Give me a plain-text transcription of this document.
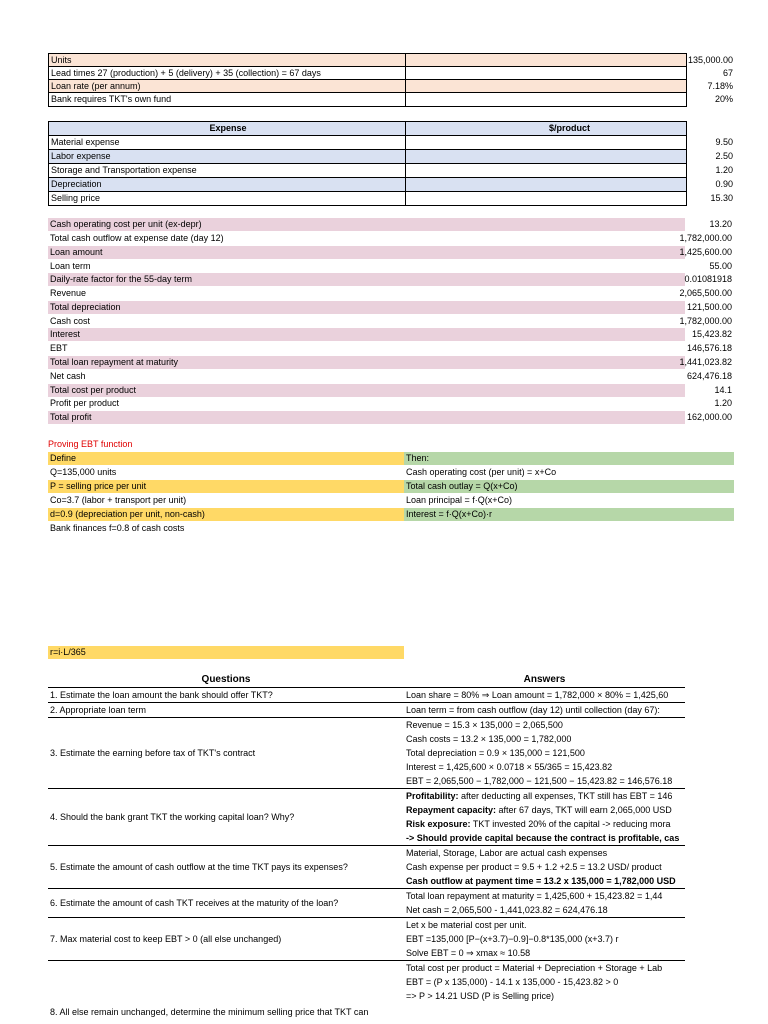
Units	135,000.00
Lead times 27 (production) + 5 (delivery) + 35 (collection) = 67 days	67
Loan rate (per annum)	7.18%
Bank requires TKT's own fund	20%
Expense	$/product
Material expense	9.50
Labor expense	2.50
Storage and Transportation expense	1.20
Depreciation	0.90
Selling price	15.30
Cash operating cost per unit (ex-depr)	13.20
Total cash outflow at expense date (day 12)	1,782,000.00
Loan amount	1,425,600.00
Loan term	55.00
Daily-rate factor for the 55-day term	0.01081918
Revenue	2,065,500.00
Total depreciation	121,500.00
Cash cost	1,782,000.00
Interest	15,423.82
EBT	146,576.18
Total loan repayment at maturity	1,441,023.82
Net cash	624,476.18
Total cost per product	14.1
Profit per product	1.20
Total profit	162,000.00
Proving EBT function
Define	Then:
Q=135,000 units	Cash operating cost (per unit) = x+Co
P = selling price per unit	Total cash outlay = Q(x+Co)
Co=3.7 (labor + transport per unit)	Loan principal = f·Q(x+Co)
d=0.9 (depreciation per unit, non-cash)	Interest = f·Q(x+Co)·r
Bank finances f=0.8 of cash costs
r=i·L/365
Questions	Answers
1. Estimate the loan amount the bank should offer TKT?	Loan share = 80% ⇒ Loan amount = 1,782,000 × 80% = 1,425,60
2. Appropriate loan term	Loan term = from cash outflow (day 12) until collection (day 67):
3. Estimate the earning before tax of TKT's contract	Revenue = 15.3 × 135,000 = 2,065,500
	Cash costs = 13.2 × 135,000 = 1,782,000
	Total depreciation = 0.9 × 135,000 = 121,500
	Interest = 1,425,600 × 0.0718 × 55/365 = 15,423.82
	EBT = 2,065,500 − 1,782,000 − 121,500 − 15,423.82 = 146,576.18
4. Should the bank grant TKT the working capital loan? Why?	Profitability: after deducting all expenses, TKT still has EBT = 146
	Repayment capacity: after 67 days, TKT will earn 2,065,000 USD
	Risk exposure: TKT invested 20% of the capital -> reducing mora
	-> Should provide capital because the contract is profitable, cas
5. Estimate the amount of cash outflow at the time TKT pays its expenses?	Material, Storage, Labor are actual cash expenses
	Cash expense per product = 9.5 + 1.2 +2.5 = 13.2 USD/ product
	Cash outflow at payment time = 13.2 x 135,000 = 1,782,000 USD
6. Estimate the amount of cash TKT receives at the maturity of the loan?	Total loan repayment at maturity = 1,425,600 + 15,423.82 = 1,44
	Net cash = 2,065,500 - 1,441,023.82 = 624,476.18
7. Max material cost to keep EBT > 0 (all else unchanged)	Let x be material cost per unit.
	EBT =135,000 [P−(x+3.7)−0.9]−0.8*135,000 (x+3.7) r
	Solve EBT = 0 ⇒ xmax ≈ 10.58
	Total cost per product = Material + Depreciation + Storage + Lab
	EBT = (P x 135,000) - 14.1 x 135,000 - 15,423.82 > 0
	=> P > 14.21 USD (P is Selling price)
8. All else remain unchanged, determine the minimum selling price that TKT can	
